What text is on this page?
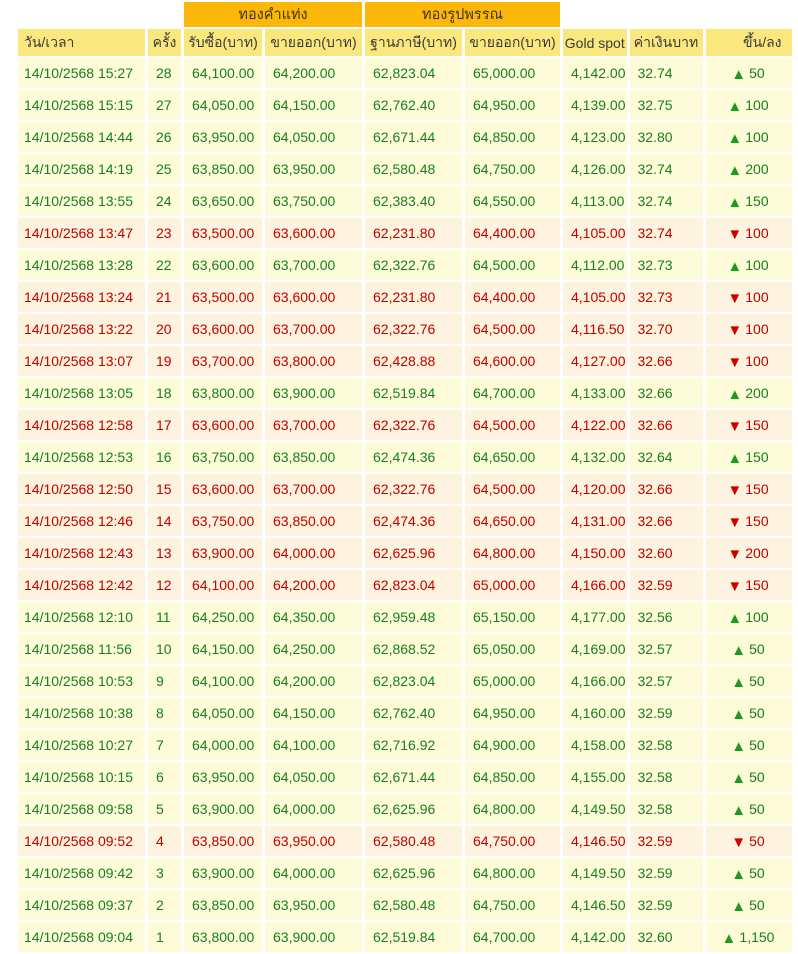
		ทองคำแท่ง		ทองรูปพรรณ				
วัน/เวลา	ครั้ง	รับซื้อ(บาท)	ขายออก(บาท)	ฐานภาษี(บาท)	ขายออก(บาท)	Gold spot	ค่าเงินบาท	ขึ้น/ลง
14/10/2568 15:27	28	64,100.00	64,200.00	62,823.04	65,000.00	4,142.00	32.74	▲ 50
14/10/2568 15:15	27	64,050.00	64,150.00	62,762.40	64,950.00	4,139.00	32.75	▲ 100
14/10/2568 14:44	26	63,950.00	64,050.00	62,671.44	64,850.00	4,123.00	32.80	▲ 100
14/10/2568 14:19	25	63,850.00	63,950.00	62,580.48	64,750.00	4,126.00	32.74	▲ 200
14/10/2568 13:55	24	63,650.00	63,750.00	62,383.40	64,550.00	4,113.00	32.74	▲ 150
14/10/2568 13:47	23	63,500.00	63,600.00	62,231.80	64,400.00	4,105.00	32.74	▼ 100
14/10/2568 13:28	22	63,600.00	63,700.00	62,322.76	64,500.00	4,112.00	32.73	▲ 100
14/10/2568 13:24	21	63,500.00	63,600.00	62,231.80	64,400.00	4,105.00	32.73	▼ 100
14/10/2568 13:22	20	63,600.00	63,700.00	62,322.76	64,500.00	4,116.50	32.70	▼ 100
14/10/2568 13:07	19	63,700.00	63,800.00	62,428.88	64,600.00	4,127.00	32.66	▼ 100
14/10/2568 13:05	18	63,800.00	63,900.00	62,519.84	64,700.00	4,133.00	32.66	▲ 200
14/10/2568 12:58	17	63,600.00	63,700.00	62,322.76	64,500.00	4,122.00	32.66	▼ 150
14/10/2568 12:53	16	63,750.00	63,850.00	62,474.36	64,650.00	4,132.00	32.64	▲ 150
14/10/2568 12:50	15	63,600.00	63,700.00	62,322.76	64,500.00	4,120.00	32.66	▼ 150
14/10/2568 12:46	14	63,750.00	63,850.00	62,474.36	64,650.00	4,131.00	32.66	▼ 150
14/10/2568 12:43	13	63,900.00	64,000.00	62,625.96	64,800.00	4,150.00	32.60	▼ 200
14/10/2568 12:42	12	64,100.00	64,200.00	62,823.04	65,000.00	4,166.00	32.59	▼ 150
14/10/2568 12:10	11	64,250.00	64,350.00	62,959.48	65,150.00	4,177.00	32.56	▲ 100
14/10/2568 11:56	10	64,150.00	64,250.00	62,868.52	65,050.00	4,169.00	32.57	▲ 50
14/10/2568 10:53	9	64,100.00	64,200.00	62,823.04	65,000.00	4,166.00	32.57	▲ 50
14/10/2568 10:38	8	64,050.00	64,150.00	62,762.40	64,950.00	4,160.00	32.59	▲ 50
14/10/2568 10:27	7	64,000.00	64,100.00	62,716.92	64,900.00	4,158.00	32.58	▲ 50
14/10/2568 10:15	6	63,950.00	64,050.00	62,671.44	64,850.00	4,155.00	32.58	▲ 50
14/10/2568 09:58	5	63,900.00	64,000.00	62,625.96	64,800.00	4,149.50	32.58	▲ 50
14/10/2568 09:52	4	63,850.00	63,950.00	62,580.48	64,750.00	4,146.50	32.59	▼ 50
14/10/2568 09:42	3	63,900.00	64,000.00	62,625.96	64,800.00	4,149.50	32.59	▲ 50
14/10/2568 09:37	2	63,850.00	63,950.00	62,580.48	64,750.00	4,146.50	32.59	▲ 50
14/10/2568 09:04	1	63,800.00	63,900.00	62,519.84	64,700.00	4,142.00	32.60	▲ 1,150
